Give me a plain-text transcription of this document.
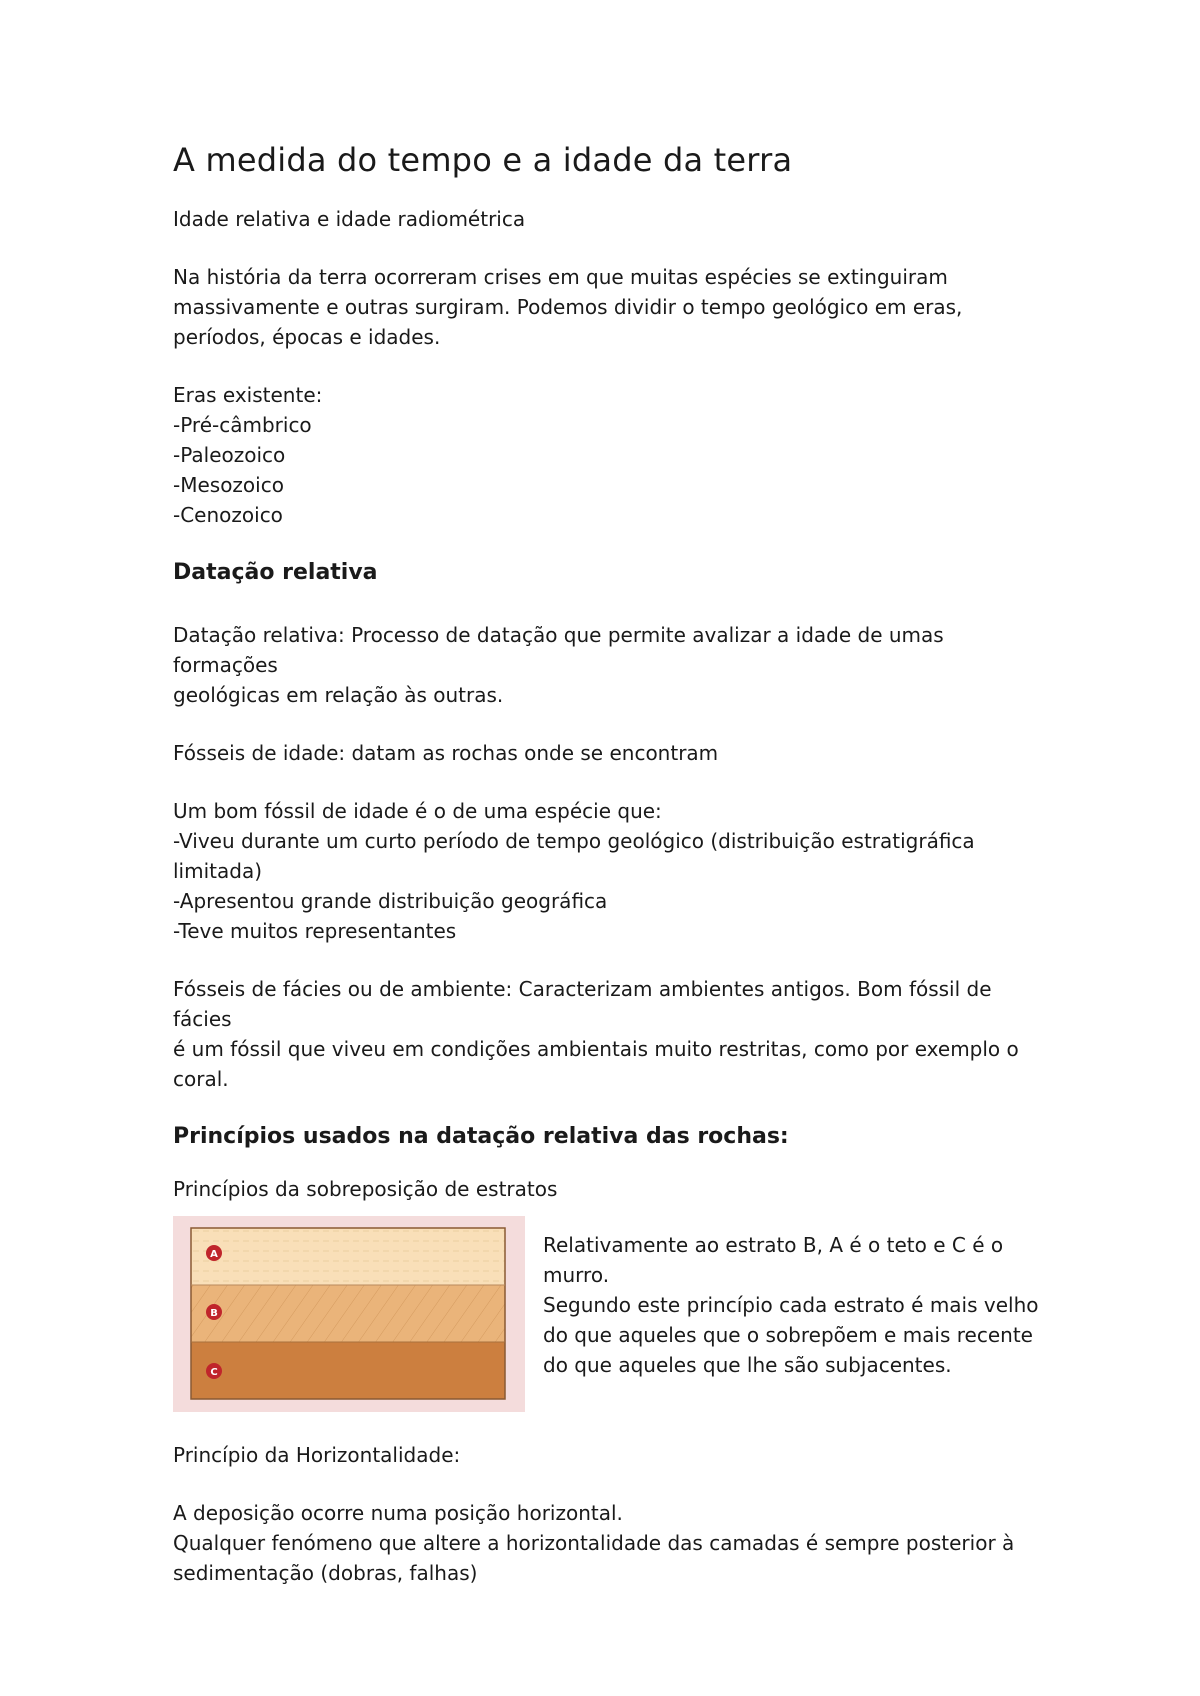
A medida do tempo e a idade da terra

Idade relativa e idade radiométrica

Na história da terra ocorreram crises em que muitas espécies se extinguiram

massivamente e outras surgiram. Podemos dividir o tempo geológico em eras,

períodos, épocas e idades.

Eras existente:

-Pré-câmbrico

-Paleozoico

-Mesozoico

-Cenozoico

Datação relativa

Datação relativa: Processo de datação que permite avalizar a idade de umas formações

geológicas em relação às outras.

Fósseis de idade: datam as rochas onde se encontram

Um bom fóssil de idade é o de uma espécie que:

-Viveu durante um curto período de tempo geológico (distribuição estratigráfica

limitada)

-Apresentou grande distribuição geográfica

-Teve muitos representantes

Fósseis de fácies ou de ambiente: Caracterizam ambientes antigos. Bom fóssil de fácies

é um fóssil que viveu em condições ambientais muito restritas, como por exemplo o

coral.

Princípios usados na datação relativa das rochas:

Princípios da sobreposição de estratos

A
B
C

Relativamente ao estrato B, A é o teto e C é o

murro.

Segundo este princípio cada estrato é mais velho

do que aqueles que o sobrepõem e mais recente

do que aqueles que lhe são subjacentes.

Princípio da Horizontalidade:

A deposição ocorre numa posição horizontal.

Qualquer fenómeno que altere a horizontalidade das camadas é sempre posterior à

sedimentação (dobras, falhas)
